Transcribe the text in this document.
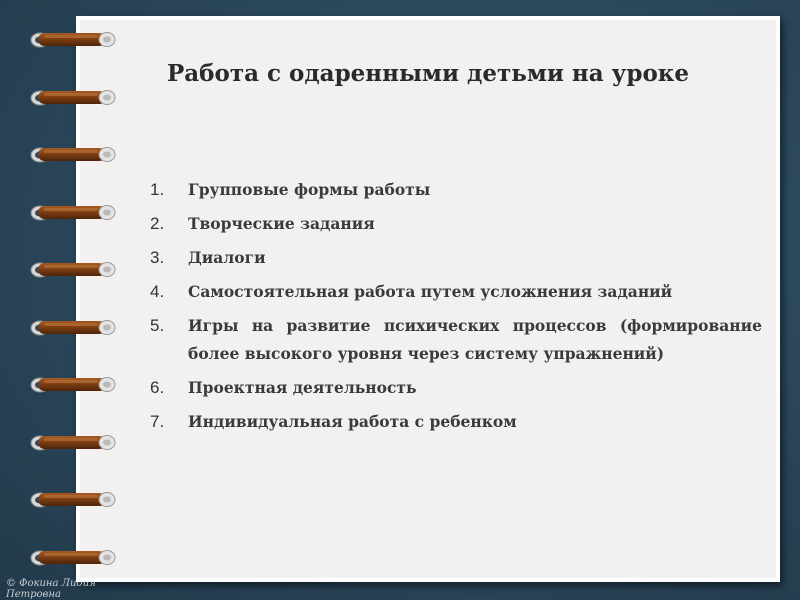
Работа с одаренными детьми на уроке
1.	Групповые формы работы
2.	Творческие задания
3.	Диалоги
4.	Самостоятельная работа путем усложнения заданий
5.	Игры на развитие психических процессов (формирование более высокого уровня через систему упражнений)
6.	Проектная деятельность
7.	Индивидуальная работа с ребенком
© Фокина Лидия
Петровна
